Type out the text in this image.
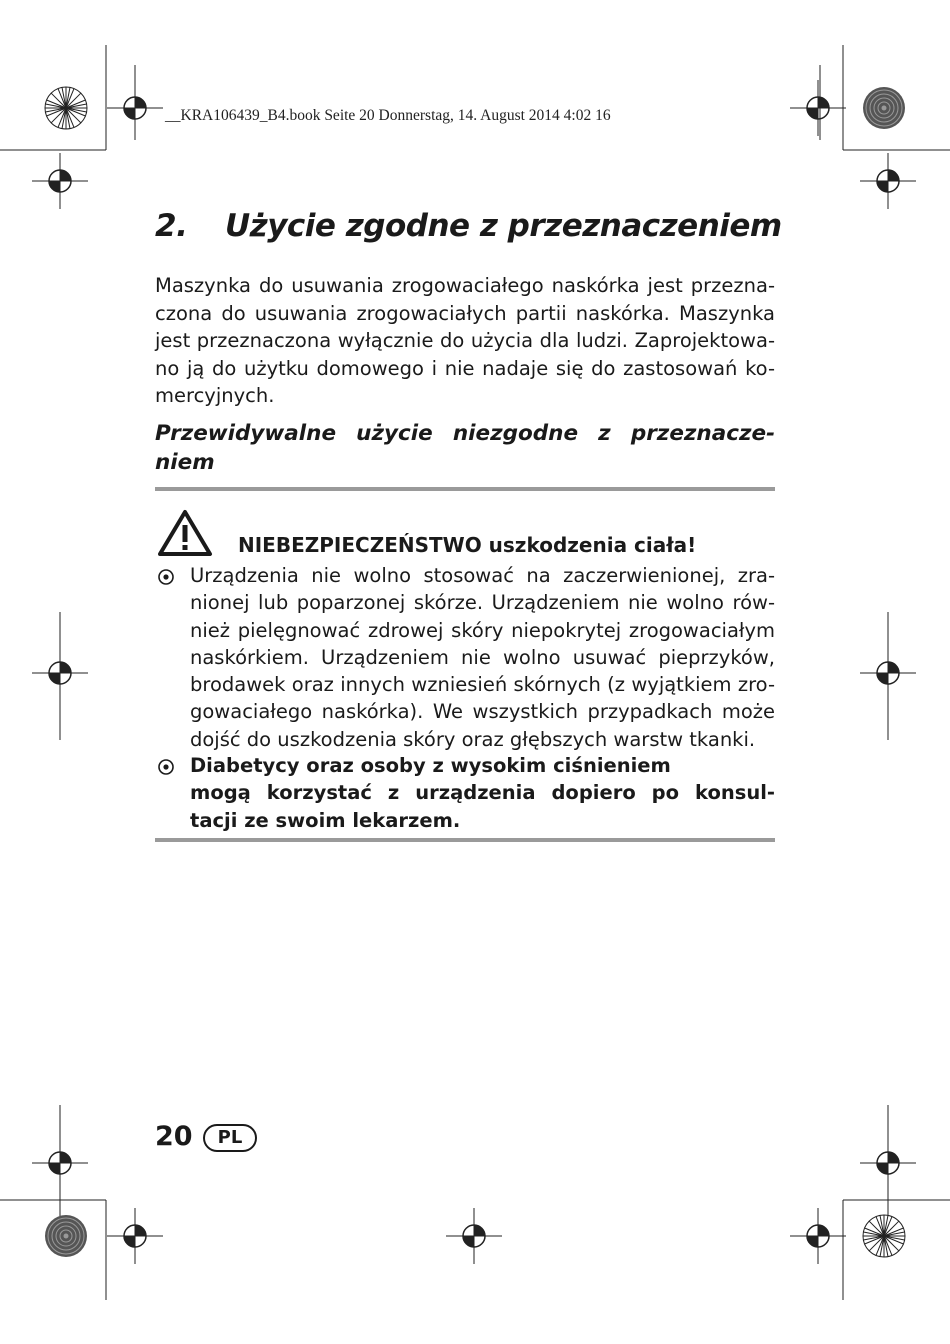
__KRA106439_B4.book Seite 20 Donnerstag, 14. August 2014 4:02 16
2. Użycie zgodne z przeznaczeniem
Maszynka do usuwania zrogowaciałego naskórka jest przezna-
czona do usuwania zrogowaciałych partii naskórka. Maszynka
jest przeznaczona wyłącznie do użycia dla ludzi. Zaprojektowa-
no ją do użytku domowego i nie nadaje się do zastosowań ko-
mercyjnych.
Przewidywalne użycie niezgodne z przeznacze-
niem
NIEBEZPIECZEŃSTWO uszkodzenia ciała!
Urządzenia nie wolno stosować na zaczerwienionej, zra-
nionej lub poparzonej skórze. Urządzeniem nie wolno rów-
nież pielęgnować zdrowej skóry niepokrytej zrogowaciałym
naskórkiem. Urządzeniem nie wolno usuwać pieprzyków,
brodawek oraz innych wzniesień skórnych (z wyjątkiem zro-
gowaciałego naskórka). We wszystkich przypadkach może
dojść do uszkodzenia skóry oraz głębszych warstw tkanki.
Diabetycy oraz osoby z wysokim ciśnieniem
mogą korzystać z urządzenia dopiero po konsul-
tacji ze swoim lekarzem.
20	PL
